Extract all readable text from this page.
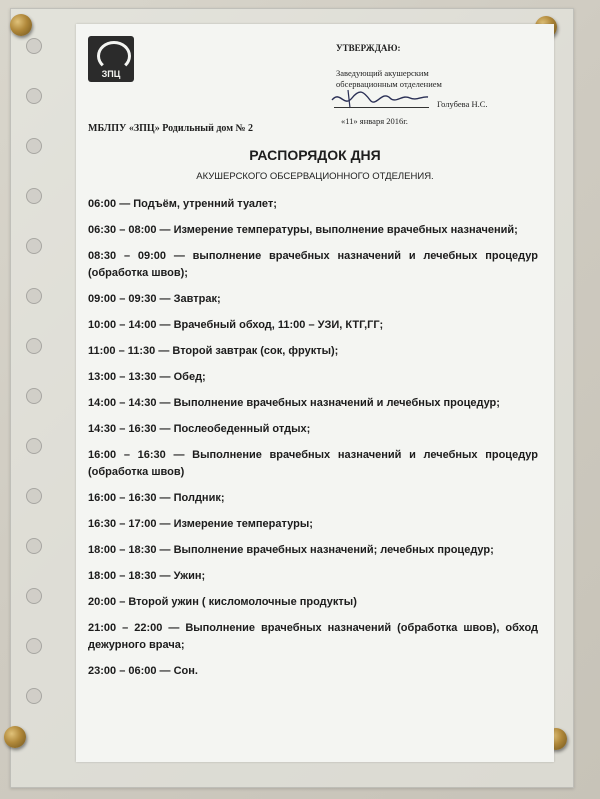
ЗПЦ
УТВЕРЖДАЮ:
Заведующий акушерским
обсервационным отделением
Голубева Н.С.
«11» января 2016г.
МБЛПУ «ЗПЦ» Родильный дом № 2
РАСПОРЯДОК ДНЯ
АКУШЕРСКОГО ОБСЕРВАЦИОННОГО ОТДЕЛЕНИЯ.
06:00 — Подъём, утренний туалет;
06:30 – 08:00 — Измерение температуры, выполнение врачебных назначений;
08:30 – 09:00 — выполнение врачебных назначений и лечебных процедур (обработка швов);
09:00 – 09:30 — Завтрак;
10:00 – 14:00 — Врачебный обход, 11:00 – УЗИ, КТГ,ГГ;
11:00 – 11:30 — Второй завтрак (сок, фрукты);
13:00 – 13:30 — Обед;
14:00 – 14:30 — Выполнение врачебных назначений и лечебных процедур;
14:30 – 16:30 — Послеобеденный отдых;
16:00 – 16:30 — Выполнение врачебных назначений и лечебных процедур (обработка швов)
16:00 – 16:30 — Полдник;
16:30 – 17:00 — Измерение температуры;
18:00 – 18:30 — Выполнение врачебных назначений; лечебных процедур;
18:00 – 18:30 — Ужин;
20:00 – Второй ужин ( кисломолочные продукты)
21:00 – 22:00 — Выполнение врачебных назначений (обработка швов), обход дежурного врача;
23:00 – 06:00 — Сон.
